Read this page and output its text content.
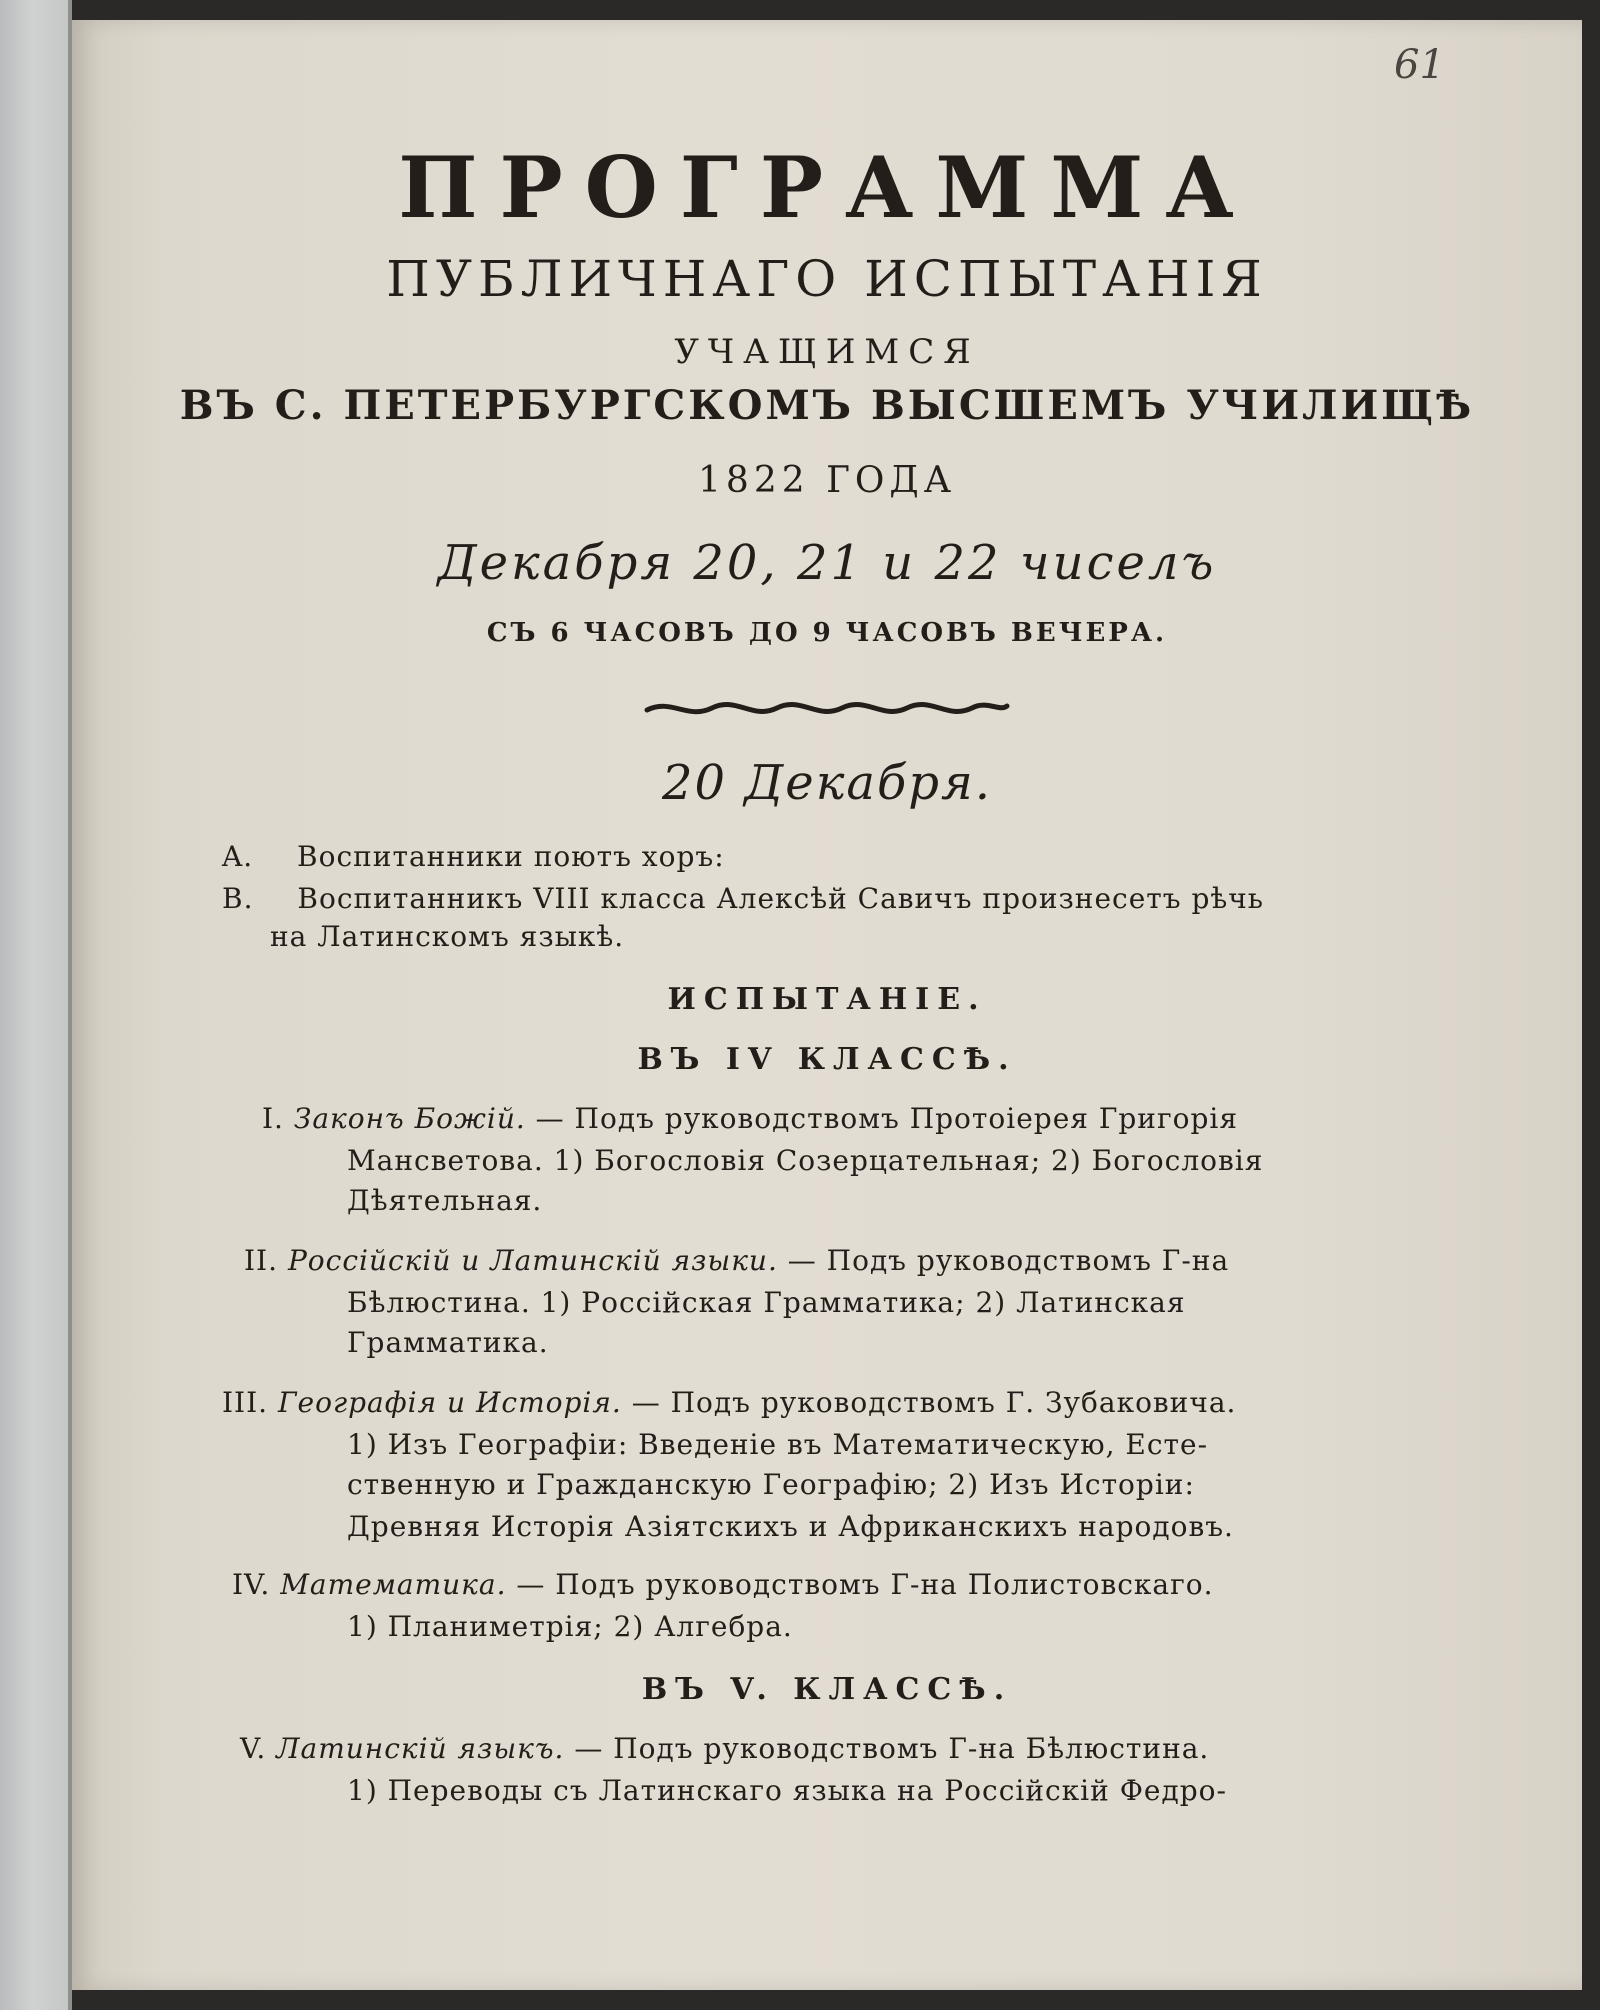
61
ПРОГРАММА
ПУБЛИЧНАГО ИСПЫТАНІЯ
УЧАЩИМСЯ
ВЪ С. ПЕТЕРБУРГСКОМЪ ВЫСШЕМЪ УЧИЛИЩѢ
1822 ГОДА
Декабря 20, 21 и 22 чиселъ
СЪ 6 ЧАСОВЪ ДО 9 ЧАСОВЪ ВЕЧЕРА.
20 Декабря.
A. Воспитанники поютъ хоръ:
B. Воспитанникъ VIII класса Алексѣй Савичъ произнесетъ рѣчь
на Латинскомъ языкѣ.
ИСПЫТАНІЕ.
ВЪ IV КЛАССѢ.
I. Законъ Божій. — Подъ руководствомъ Протоіерея Григорія
Мансветова. 1) Богословія Созерцательная; 2) Богословія
Дѣятельная.
II. Россійскій и Латинскій языки. — Подъ руководствомъ Г-на
Бѣлюстина. 1) Россійская Грамматика; 2) Латинская
Грамматика.
III. Географія и Исторія. — Подъ руководствомъ Г. Зубаковича.
1) Изъ Географіи: Введеніе въ Математическую, Есте-
ственную и Гражданскую Географію; 2) Изъ Исторіи:
Древняя Исторія Азіятскихъ и Африканскихъ народовъ.
IV. Математика. — Подъ руководствомъ Г-на Полистовскаго.
1) Планиметрія; 2) Алгебра.
ВЪ V. КЛАССѢ.
V. Латинскій языкъ. — Подъ руководствомъ Г-на Бѣлюстина.
1) Переводы съ Латинскаго языка на Россійскій Федро-
